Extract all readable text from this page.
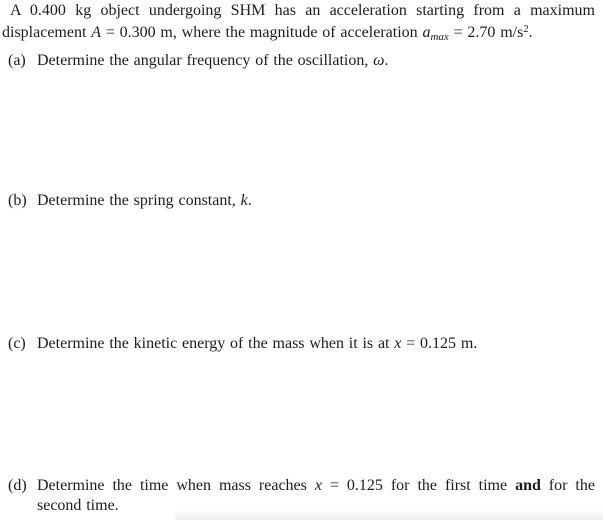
A 0.400 kg object undergoing SHM has an acceleration starting from a maximum
displacement A = 0.300 m, where the magnitude of acceleration $a_{max} = 2.70$ $m/s^2$.
(a) Determine the angular frequency of the oscillation, ω.
(b) Determine the spring constant, k.
(c) Determine the kinetic energy of the mass when it is at x = 0.125 m.
(d) Determine the time when mass reaches x = 0.125 for the first time and for the
second time.
